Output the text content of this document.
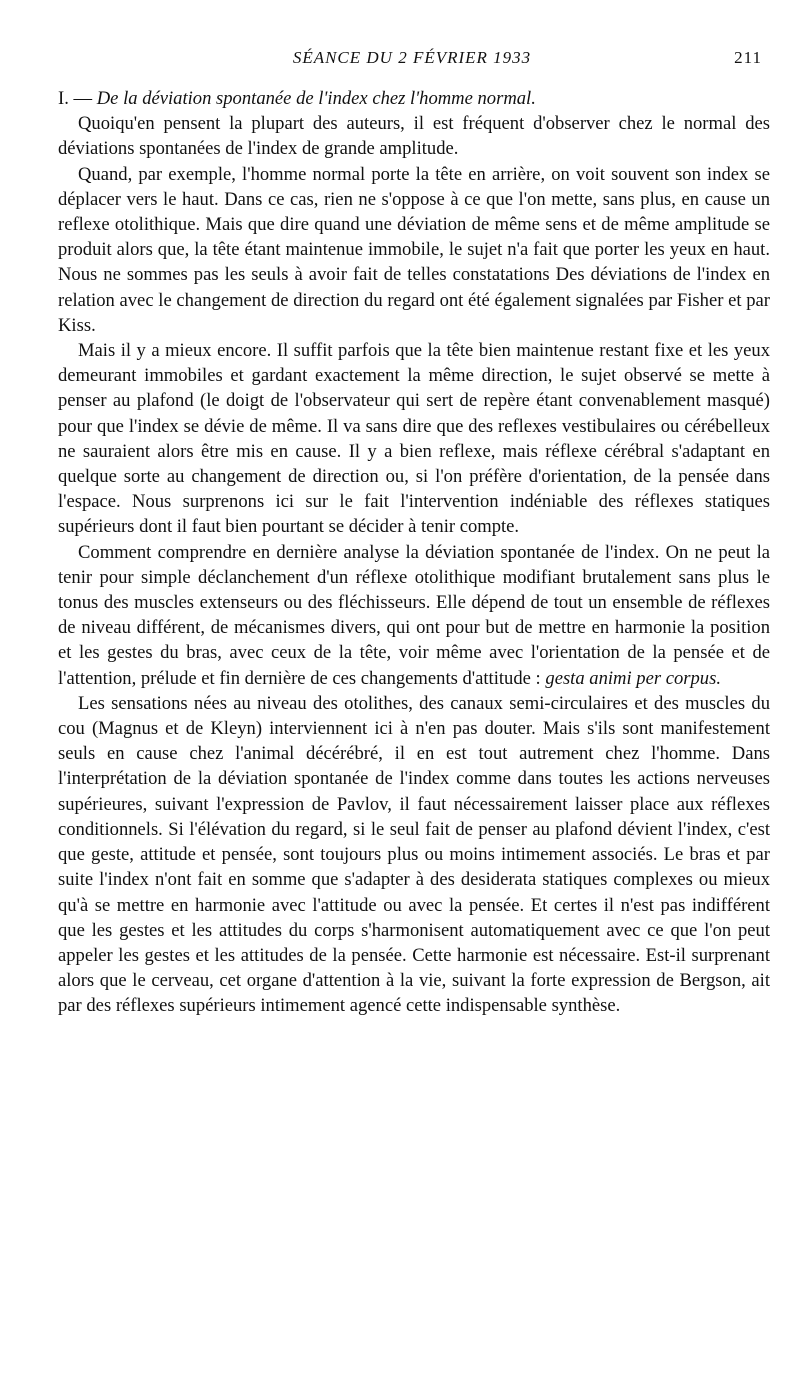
SÉANCE DU 2 FÉVRIER 1933	211

I. — De la déviation spontanée de l'index chez l'homme normal.

Quoiqu'en pensent la plupart des auteurs, il est fréquent d'observer chez le normal des déviations spontanées de l'index de grande amplitude.

Quand, par exemple, l'homme normal porte la tête en arrière, on voit souvent son index se déplacer vers le haut. Dans ce cas, rien ne s'oppose à ce que l'on mette, sans plus, en cause un reflexe otolithique. Mais que dire quand une déviation de même sens et de même amplitude se produit alors que, la tête étant maintenue immobile, le sujet n'a fait que porter les yeux en haut. Nous ne sommes pas les seuls à avoir fait de telles constatations Des déviations de l'index en relation avec le changement de direction du regard ont été également signalées par Fisher et par Kiss.

Mais il y a mieux encore. Il suffit parfois que la tête bien maintenue restant fixe et les yeux demeurant immobiles et gardant exactement la même direction, le sujet observé se mette à penser au plafond (le doigt de l'observateur qui sert de repère étant convenablement masqué) pour que l'index se dévie de même. Il va sans dire que des reflexes vestibulaires ou cérébelleux ne sauraient alors être mis en cause. Il y a bien reflexe, mais réflexe cérébral s'adaptant en quelque sorte au changement de direction ou, si l'on préfère d'orientation, de la pensée dans l'espace. Nous surprenons ici sur le fait l'intervention indéniable des réflexes statiques supérieurs dont il faut bien pourtant se décider à tenir compte.

Comment comprendre en dernière analyse la déviation spontanée de l'index. On ne peut la tenir pour simple déclanchement d'un réflexe otolithique modifiant brutalement sans plus le tonus des muscles extenseurs ou des fléchisseurs. Elle dépend de tout un ensemble de réflexes de niveau différent, de mécanismes divers, qui ont pour but de mettre en harmonie la position et les gestes du bras, avec ceux de la tête, voir même avec l'orientation de la pensée et de l'attention, prélude et fin dernière de ces changements d'attitude : gesta animi per corpus.

Les sensations nées au niveau des otolithes, des canaux semi-circulaires et des muscles du cou (Magnus et de Kleyn) interviennent ici à n'en pas douter. Mais s'ils sont manifestement seuls en cause chez l'animal décérébré, il en est tout autrement chez l'homme. Dans l'interprétation de la déviation spontanée de l'index comme dans toutes les actions nerveuses supérieures, suivant l'expression de Pavlov, il faut nécessairement laisser place aux réflexes conditionnels. Si l'élévation du regard, si le seul fait de penser au plafond dévient l'index, c'est que geste, attitude et pensée, sont toujours plus ou moins intimement associés. Le bras et par suite l'index n'ont fait en somme que s'adapter à des desiderata statiques complexes ou mieux qu'à se mettre en harmonie avec l'attitude ou avec la pensée. Et certes il n'est pas indifférent que les gestes et les attitudes du corps s'harmonisent automatiquement avec ce que l'on peut appeler les gestes et les attitudes de la pensée. Cette harmonie est nécessaire. Est-il surprenant alors que le cerveau, cet organe d'attention à la vie, suivant la forte expression de Bergson, ait par des réflexes supérieurs intimement agencé cette indispensable synthèse.
